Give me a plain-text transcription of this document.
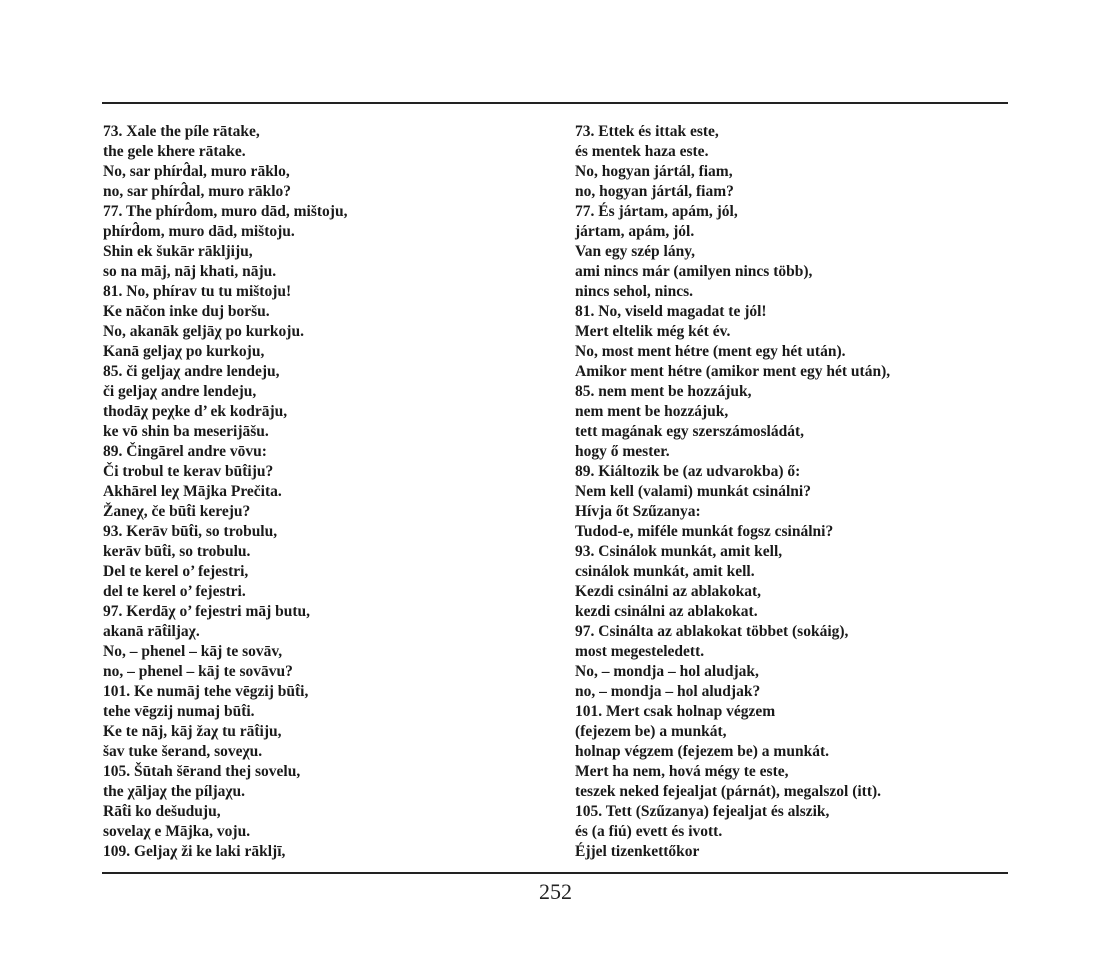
73. Xale the píle rātake,
the gele khere rātake.
No, sar phírd̂al, muro rāklo,
no, sar phírd̂al, muro rāklo?
77. The phírd̂om, muro dād, mištoju,
phírd̂om, muro dād, mištoju.
Shin ek šukār rākljiju,
so na māj, nāj khati, nāju.
81. No, phírav tu tu mištoju!
Ke nāčon inke duj boršu.
No, akanāk geljāχ po kurkoju.
Kanā geljaχ po kurkoju,
85. či geljaχ andre lendeju,
či geljaχ andre lendeju,
thodāχ peχke d’ ek kodrāju,
ke vō shin ba meserijāšu.
89. Čingārel andre vōvu:
Či trobul te kerav būt̂iju?
Akhārel leχ Mājka Prečita.
Žaneχ, če būt̂i kereju?
93. Kerāv būt̂i, so trobulu,
kerāv būt̂i, so trobulu.
Del te kerel o’ fejestri,
del te kerel o’ fejestri.
97. Kerdāχ o’ fejestri māj butu,
akanā rāt̂iljaχ.
No, – phenel – kāj te sovāv,
no, – phenel – kāj te sovāvu?
101. Ke numāj tehe vēgzij būt̂i,
tehe vēgzij numaj būt̂i.
Ke te nāj, kāj žaχ tu rāt̂iju,
šav tuke šerand, soveχu.
105. Šūtah šērand thej sovelu,
the χāljaχ the píljaχu.
Rāt̂i ko dešuduju,
sovelaχ e Mājka, voju.
109. Geljaχ ži ke laki rākljī,
73. Ettek és ittak este,
és mentek haza este.
No, hogyan jártál, fiam,
no, hogyan jártál, fiam?
77. És jártam, apám, jól,
jártam, apám, jól.
Van egy szép lány,
ami nincs már (amilyen nincs több),
nincs sehol, nincs.
81. No, viseld magadat te jól!
Mert eltelik még két év.
No, most ment hétre (ment egy hét után).
Amikor ment hétre (amikor ment egy hét után),
85. nem ment be hozzájuk,
nem ment be hozzájuk,
tett magának egy szerszámosládát,
hogy ő mester.
89. Kiáltozik be (az udvarokba) ő:
Nem kell (valami) munkát csinálni?
Hívja őt Szűzanya:
Tudod-e, miféle munkát fogsz csinálni?
93. Csinálok munkát, amit kell,
csinálok munkát, amit kell.
Kezdi csinálni az ablakokat,
kezdi csinálni az ablakokat.
97. Csinálta az ablakokat többet (sokáig),
most megesteledett.
No, – mondja – hol aludjak,
no, – mondja – hol aludjak?
101. Mert csak holnap végzem
(fejezem be) a munkát,
holnap végzem (fejezem be) a munkát.
Mert ha nem, hová mégy te este,
teszek neked fejealjat (párnát), megalszol (itt).
105. Tett (Szűzanya) fejealjat és alszik,
és (a fiú) evett és ivott.
Éjjel tizenkettőkor
252
